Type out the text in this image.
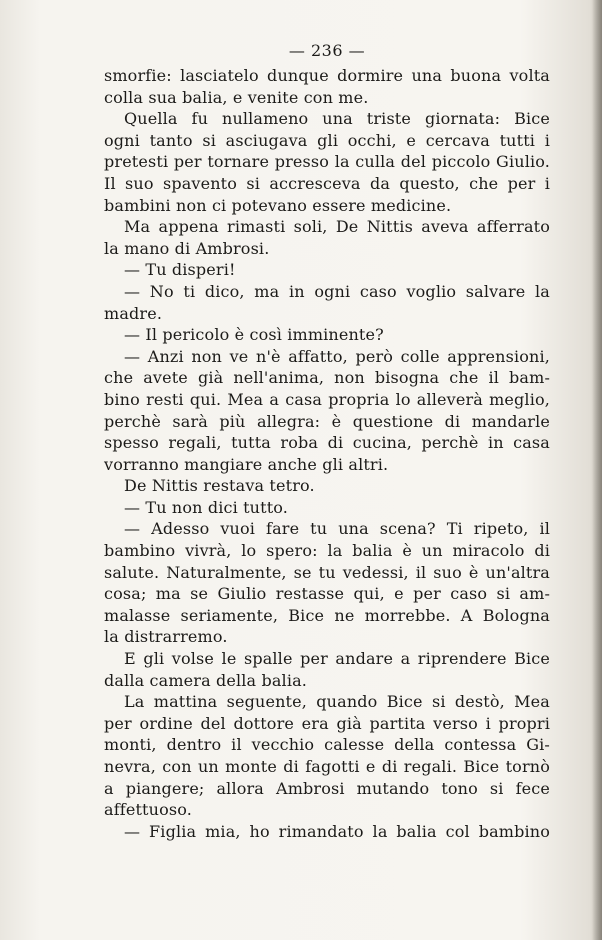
— 236 —
smorfie: lasciatelo dunque dormire una buona volta
colla sua balia, e venite con me.
Quella fu nullameno una triste giornata: Bice
ogni tanto si asciugava gli occhi, e cercava tutti i
pretesti per tornare presso la culla del piccolo Giulio.
Il suo spavento si accresceva da questo, che per i
bambini non ci potevano essere medicine.
Ma appena rimasti soli, De Nittis aveva afferrato
la mano di Ambrosi.
— Tu disperi!
— No ti dico, ma in ogni caso voglio salvare la
madre.
— Il pericolo è così imminente?
— Anzi non ve n'è affatto, però colle apprensioni,
che avete già nell'anima, non bisogna che il bam-
bino resti qui. Mea a casa propria lo alleverà meglio,
perchè sarà più allegra: è questione di mandarle
spesso regali, tutta roba di cucina, perchè in casa
vorranno mangiare anche gli altri.
De Nittis restava tetro.
— Tu non dici tutto.
— Adesso vuoi fare tu una scena? Ti ripeto, il
bambino vivrà, lo spero: la balia è un miracolo di
salute. Naturalmente, se tu vedessi, il suo è un'altra
cosa; ma se Giulio restasse qui, e per caso si am-
malasse seriamente, Bice ne morrebbe. A Bologna
la distrarremo.
E gli volse le spalle per andare a riprendere Bice
dalla camera della balia.
La mattina seguente, quando Bice si destò, Mea
per ordine del dottore era già partita verso i propri
monti, dentro il vecchio calesse della contessa Gi-
nevra, con un monte di fagotti e di regali. Bice tornò
a piangere; allora Ambrosi mutando tono si fece
affettuoso.
— Figlia mia, ho rimandato la balia col bambino
